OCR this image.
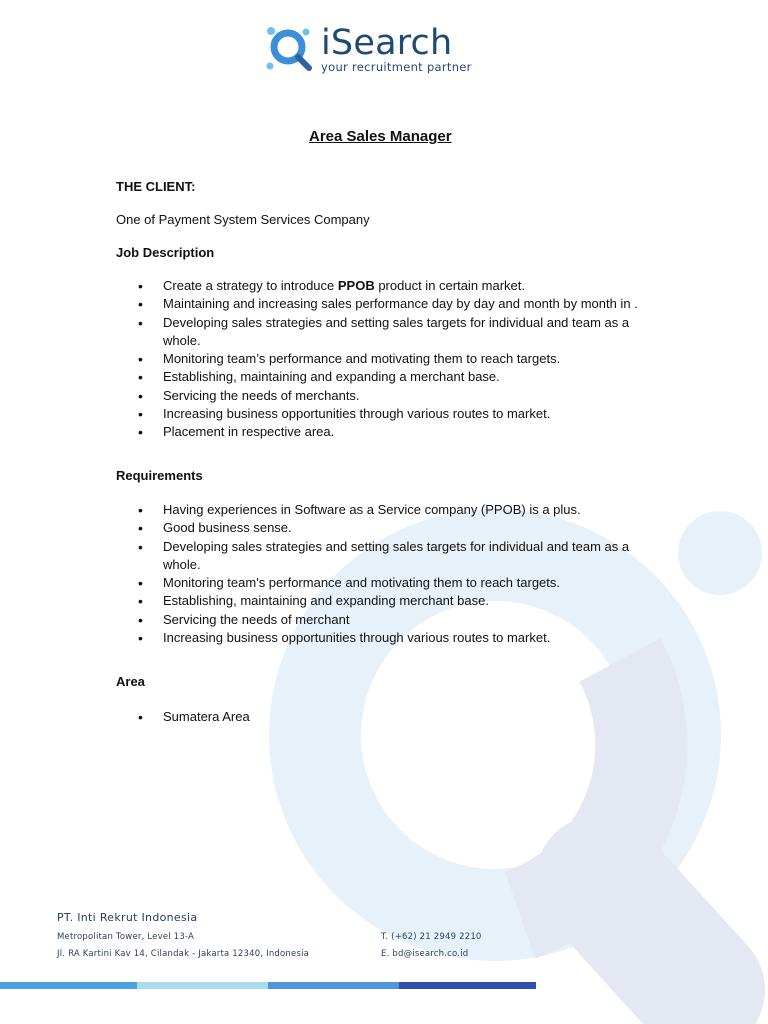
iSearch
your recruitment partner
Area Sales Manager
THE CLIENT:
One of Payment System Services Company
Job Description
• Create a strategy to introduce PPOB product in certain market.
• Maintaining and increasing sales performance day by day and month by month in .
• Developing sales strategies and setting sales targets for individual and team as a whole.
• Monitoring team’s performance and motivating them to reach targets.
• Establishing, maintaining and expanding a merchant base.
• Servicing the needs of merchants.
• Increasing business opportunities through various routes to market.
• Placement in respective area.
Requirements
• Having experiences in Software as a Service company (PPOB) is a plus.
• Good business sense.
• Developing sales strategies and setting sales targets for individual and team as a whole.
• Monitoring team's performance and motivating them to reach targets.
• Establishing, maintaining and expanding merchant base.
• Servicing the needs of merchant
• Increasing business opportunities through various routes to market.
Area
• Sumatera Area
PT. Inti Rekrut Indonesia
Metropolitan Tower, Level 13-A
Jl. RA Kartini Kav 14, Cilandak - Jakarta 12340, Indonesia
T. (+62) 21 2949 2210
E. bd@isearch.co.id
